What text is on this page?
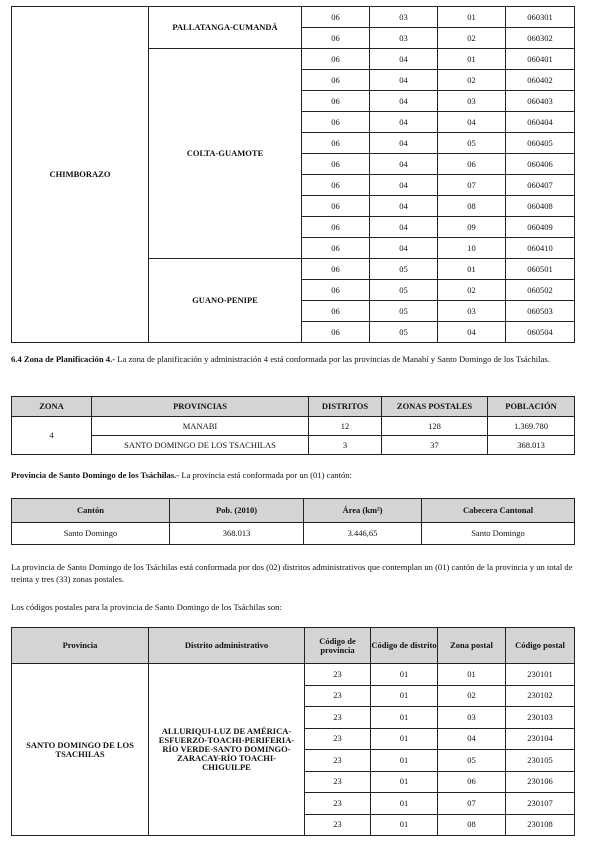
CHIMBORAZO	PALLATANGA-CUMANDÁ	06	03	01	060301
		06	03	02	060302
	COLTA-GUAMOTE	06	04	01	060401
		06	04	02	060402
		06	04	03	060403
		06	04	04	060404
		06	04	05	060405
		06	04	06	060406
		06	04	07	060407
		06	04	08	060408
		06	04	09	060409
		06	04	10	060410
	GUANO-PENIPE	06	05	01	060501
		06	05	02	060502
		06	05	03	060503
		06	05	04	060504

6.4 Zona de Planificación 4.- La zona de planificación y administración 4 está conformada por las provincias de Manabí y Santo Domingo de los Tsáchilas.

ZONA	PROVINCIAS	DISTRITOS	ZONAS POSTALES	POBLACIÓN
4	MANABI	12	128	1.369.780
	SANTO DOMINGO DE LOS TSACHILAS	3	37	368.013

Provincia de Santo Domingo de los Tsáchilas.- La provincia está conformada por un (01) cantón:

Cantón	Pob. (2010)	Área (km²)	Cabecera Cantonal
Santo Domingo	368.013	3.446,65	Santo Domingo

La provincia de Santo Domingo de los Tsáchilas está conformada por dos (02) distritos administrativos que contemplan un (01) cantón de la provincia y un total de treinta y tres (33) zonas postales.

Los códigos postales para la provincia de Santo Domingo de los Tsáchilas son:

Provincia	Distrito administrativo	Código de provincia	Código de distrito	Zona postal	Código postal
SANTO DOMINGO DE LOS TSACHILAS	ALLURIQUI-LUZ DE AMÉRICA-ESFUERZO-TOACHI-PERIFERIA-RÍO VERDE-SANTO DOMINGO-ZARACAY-RÍO TOACHI-CHIGUILPE	23	01	01	230101
		23	01	02	230102
		23	01	03	230103
		23	01	04	230104
		23	01	05	230105
		23	01	06	230106
		23	01	07	230107
		23	01	08	230108
